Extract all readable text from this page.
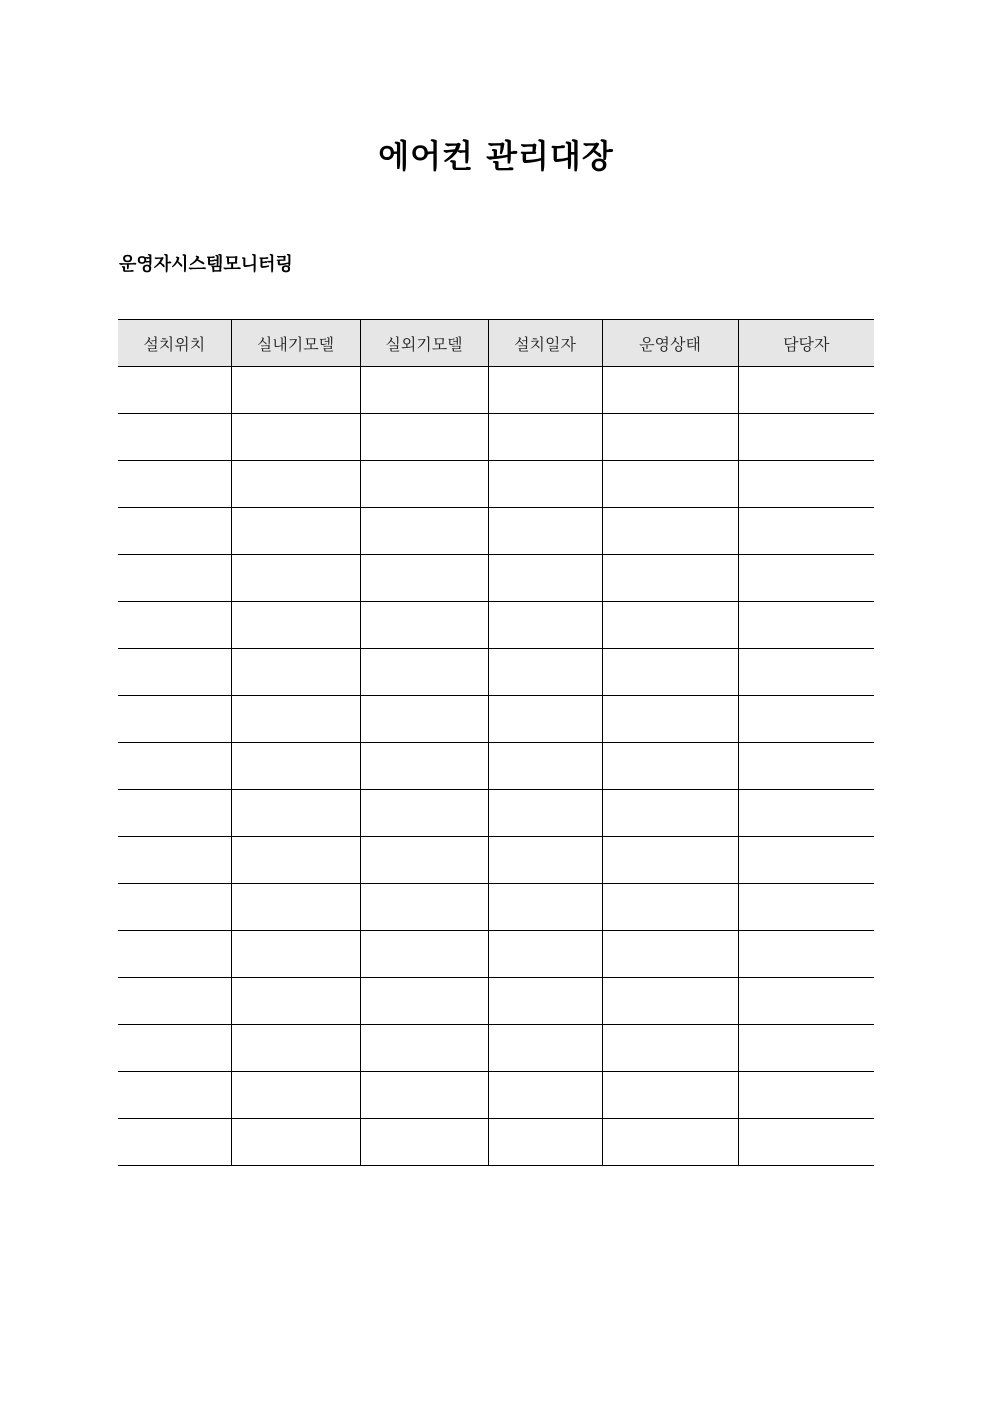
에어컨 관리대장
운영자시스템모니터링
설치위치	실내기모델	실외기모델	설치일자	운영상태	담당자
